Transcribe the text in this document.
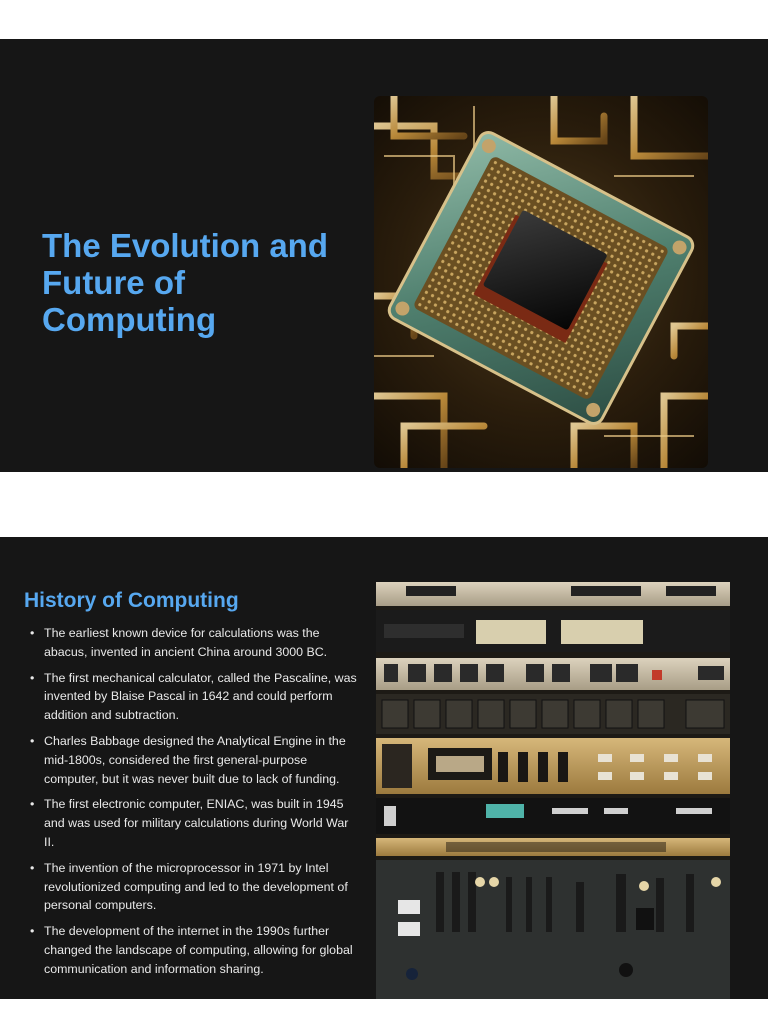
The Evolution and Future of Computing
History of Computing
• The earliest known device for calculations was the abacus, invented in ancient China around 3000 BC.
• The first mechanical calculator, called the Pascaline, was invented by Blaise Pascal in 1642 and could perform addition and subtraction.
• Charles Babbage designed the Analytical Engine in the mid-1800s, considered the first general-purpose computer, but it was never built due to lack of funding.
• The first electronic computer, ENIAC, was built in 1945 and was used for military calculations during World War II.
• The invention of the microprocessor in 1971 by Intel revolutionized computing and led to the development of personal computers.
• The development of the internet in the 1990s further changed the landscape of computing, allowing for global communication and information sharing.
